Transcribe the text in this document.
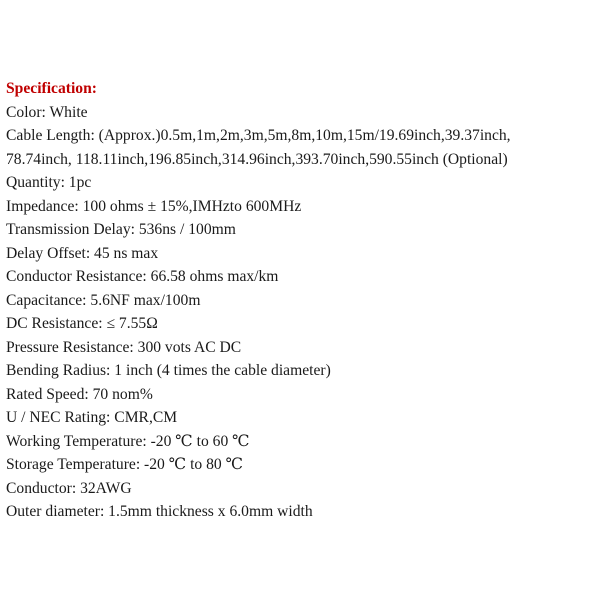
Specification:
Color: White
Cable Length: (Approx.)0.5m,1m,2m,3m,5m,8m,10m,15m/19.69inch,39.37inch,
78.74inch, 118.11inch,196.85inch,314.96inch,393.70inch,590.55inch (Optional)
Quantity: 1pc
Impedance: 100 ohms ± 15%,IMHzto 600MHz
Transmission Delay: 536ns / 100mm
Delay Offset: 45 ns max
Conductor Resistance: 66.58 ohms max/km
Capacitance: 5.6NF max/100m
DC Resistance: ≤ 7.55Ω
Pressure Resistance: 300 vots AC DC
Bending Radius: 1 inch (4 times the cable diameter)
Rated Speed: 70 nom%
U / NEC Rating: CMR,CM
Working Temperature: -20 ℃ to 60 ℃
Storage Temperature: -20 ℃ to 80 ℃
Conductor: 32AWG
Outer diameter: 1.5mm thickness x 6.0mm width
